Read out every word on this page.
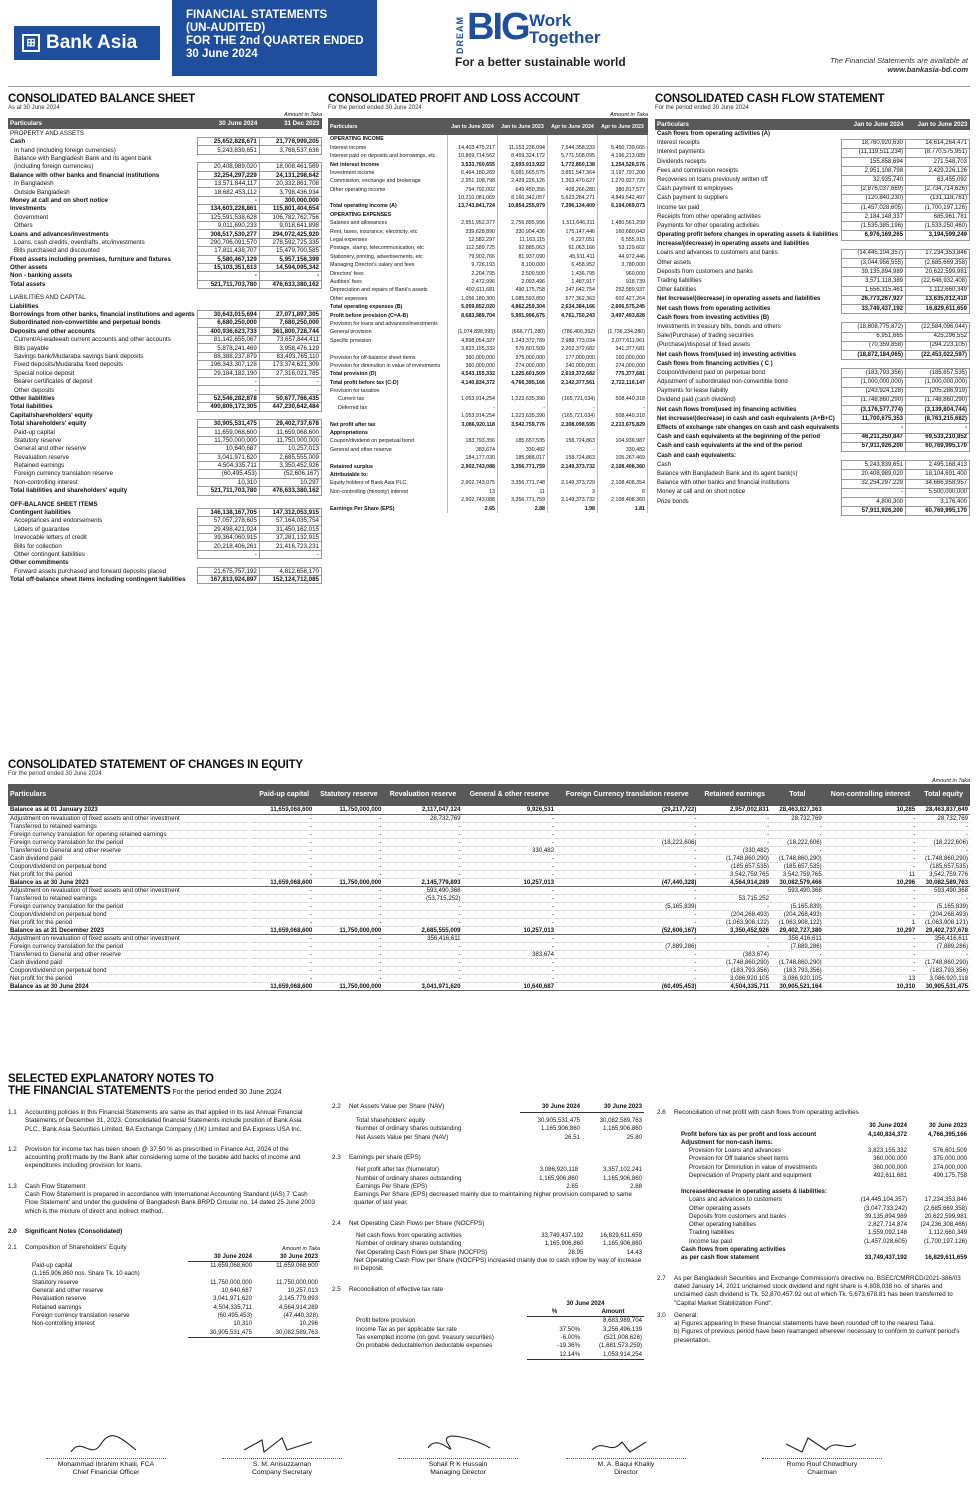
⊞ Bank Asia
FINANCIAL STATEMENTS
(UN-AUDITED)
FOR THE 2nd QUARTER ENDED
30 June 2024	DREAM BIG Work
Together
For a better sustainable world	The Financial Statements are available at
www.bankasia-bd.com
CONSOLIDATED BALANCE SHEET
As at 30 June 2024
Amount in Taka
Particulars	30 June 2024	31 Dec 2023
PROPERTY AND ASSETS		
Cash	25,652,828,671	21,776,999,205
In hand (including foreign currencies)	5,243,839,651	3,768,537,636
Balance with Bangladesh Bank and its agent bank		
(including foreign currencies)	20,408,989,020	18,008,461,569
Balance with other banks and financial institutions	32,254,297,229	24,131,298,642
In Bangladesh	13,571,844,117	20,332,861,708
Outside Bangladesh	18,682,453,112	3,798,436,934
Money at call and on short notice	-	300,000,000
Investments	134,603,228,861	115,801,404,654
Government	125,591,538,628	106,782,762,756
Others	9,011,690,233	9,018,641,898
Loans and advances/investments	308,517,530,277	294,072,425,920
Loans, cash credits, overdrafts, etc/investments	290,706,091,570	278,592,725,335
Bills purchased and discounted	17,811,438,707	15,479,700,585
Fixed assets including premises, furniture and fixtures	5,580,467,129	5,957,156,399
Other assets	15,103,351,613	14,594,095,342
Non - banking assets	-	-
Total assets	521,711,703,780	476,633,380,162

LIABILITIES AND CAPITAL		
Liabilities		
Borrowings from other banks, financial institutions and agents	30,643,015,694	27,071,897,305
Subordinated non-convertible and perpetual bonds	6,680,250,000	7,680,250,000
Deposits and other accounts	400,936,623,733	361,800,728,744
Current/Al-wadeeah current accounts and other accounts	81,142,655,067	73,657,844,411
Bills payable	5,878,241,469	3,958,476,129
Savings bank/Mudaraba savings bank deposits	88,388,237,879	83,493,765,110
Fixed deposits/Mudaraba fixed deposits	196,343,307,128	173,374,621,309
Special notice deposit	29,184,182,190	27,316,021,785
Bearer certificates of deposit	-	-
Other deposits	-	-
Other liabilities	52,546,282,878	50,677,766,435
Total liabilities	490,806,172,305	447,230,642,484
Capital/shareholders' equity		
Total shareholders' equity	30,905,531,475	29,402,737,678
Paid-up capital	11,659,068,600	11,659,068,600
Statutory reserve	11,750,000,000	11,750,000,000
General and other reserve	10,640,687	10,257,013
Revaluation reserve	3,041,971,620	2,685,555,009
Retained earnings	4,504,335,711	3,350,452,926
Foreign currency translation reserve	(60,495,453)	(52,606,167)
Non-controlling interest	10,310	10,297
Total liabilities and shareholders' equity	521,711,703,780	476,633,380,162

OFF-BALANCE SHEET ITEMS		
Contingent liabilities	146,138,167,705	147,312,053,915
Acceptances and endorsements	57,057,278,605	57,164,035,754
Letters of guarantee	29,498,421,924	31,450,162,015
Irrevocable letters of credit	39,364,060,915	37,281,132,915
Bills for collection	20,218,406,261	21,416,723,231
Other contingent liabilities	-	-
Other commitments		
Forward assets purchased and forward deposits placed	21,675,757,192	4,812,658,170
Total off-balance sheet items including contingent liabilities	167,813,924,897	152,124,712,085
CONSOLIDATED PROFIT AND LOSS ACCOUNT
For the period ended 30 June 2024
Amount in Taka
Particulars	Jan to June 2024	Jan to June 2023	Apr to June 2024	Apr to June 2023
OPERATING INCOME				
Interest income	14,403,475,217	11,153,238,094	7,544,358,233	5,450,739,665
Interest paid on deposits and borrowings, etc	10,869,714,562	8,459,324,172	5,771,508,095	4,196,213,089
Net interest income	3,533,760,655	2,693,913,922	1,772,850,138	1,254,526,576
Investment income	6,464,180,269	5,081,665,575	3,851,547,364	3,197,797,200
Commission, exchange and brokerage	2,951,108,798	2,429,226,126	1,363,470,627	1,270,927,720
Other operating income	794,792,002	649,450,356	408,266,280	380,817,577
	10,210,081,069	8,160,342,057	5,623,284,271	4,849,542,497
Total operating income (A)	13,743,841,724	10,854,255,979	7,396,134,409	6,104,069,073
OPERATING EXPENSES				
Salaries and allowances	2,951,952,377	2,756,895,996	1,511,646,311	1,480,561,299
Rent, taxes, insurance, electricity, etc	339,628,890	330,904,436	175,147,446	160,680,043
Legal expenses	12,582,297	11,163,115	6,227,051	6,555,915
Postage, stamp, telecommunication, etc	112,589,725	92,885,063	61,063,166	53,129,602
Stationery, printing, advertisements, etc	79,902,766	81,937,090	45,911,411	44,972,446
Managing Director's salary and fees	9,726,193	8,100,000	6,458,952	3,780,000
Directors' fees	2,204,795	2,500,500	1,436,795	960,000
Auditors' fees	2,472,996	2,093,496	1,487,917	918,739
Depreciation and repairs of Bank's assets	492,611,681	490,175,758	247,642,754	252,589,937
Other expenses	1,056,180,300	1,085,593,850	577,362,363	602,427,264
Total operating expenses (B)	5,059,852,020	4,862,259,304	2,634,384,166	2,606,575,245
Profit before provision (C=A-B)	8,683,989,704	5,991,996,675	4,761,750,243	3,497,493,828
Provision for loans and advances/investments				
General provision	(1,074,898,995)	(666,771,280)	(786,400,352)	(1,736,234,280)
Specific provision	4,898,054,327	1,243,372,789	2,988,773,034	2,077,611,961
	3,823,155,332	576,601,509	2,202,372,682	341,377,681
Provision for off-balance sheet items	360,000,000	375,000,000	177,000,000	160,000,000
Provision for diminution in value of investments	360,000,000	274,000,000	240,000,000	274,000,000
Total provision (D)	4,543,155,332	1,225,601,509	2,619,372,682	775,377,681
Total profit before tax (C-D)	4,140,834,372	4,766,395,166	2,142,377,561	2,722,116,147
Provision for taxation				
Current tax	1,053,914,254	1,223,635,390	(165,721,034)	508,440,318
Deferred tax	-	-	-	-
	1,053,914,254	1,223,635,390	(165,721,034)	508,440,318
Net profit after tax	3,086,920,118	3,542,759,776	2,308,098,595	2,213,675,829
Appropriations				
Coupon/dividend on perpetual bond	183,793,356	185,657,535	158,724,863	104,936,987
General and other reserve	383,674	330,482	-	330,482
	184,177,030	185,988,017	158,724,863	105,267,469
Retained surplus	2,902,743,088	3,356,771,759	2,149,373,732	2,108,408,360
Attributable to:				
Equity holders of Bank Asia PLC.	2,902,743,075	3,356,771,748	2,149,373,729	2,108,408,354
Non-controlling (minority) interest	13	11	3	6
	2,902,743,088	3,356,771,759	2,149,373,732	2,108,408,360
Earnings Per Share (EPS)	2.65	2.88	1.98	1.81
CONSOLIDATED CASH FLOW STATEMENT
For the period ended 30 June 2024
Particulars	Jan to June 2024	Jan to June 2023
Cash flows from operating activities (A)		
Interest receipts	18,760,920,630	14,614,264,471
Interest payments	(11,119,511,234)	(8,770,575,951)
Dividends receipts	155,858,694	271,548,703
Fees and commission receipts	2,951,108,798	2,429,226,126
Recoveries on loans previously written off	32,935,740	63,455,092
Cash payment to employees	(2,876,037,669)	(2,734,714,626)
Cash payment to suppliers	(120,840,230)	(131,118,761)
Income tax paid	(1,457,028,605)	(1,700,197,126)
Receipts from other operating activities	2,184,148,337	685,961,781
Payments for other operating activities	(1,535,385,196)	(1,533,250,460)
Operating profit before changes in operating assets & liabilities	6,976,169,265	3,194,599,249
Increase/(decrease) in operating assets and liabilities		
Loans and advances to customers and banks	(14,445,104,357)	17,234,353,846
Other assets	(3,044,956,555)	(2,685,669,358)
Deposits from customers and banks	39,135,894,989	20,622,599,981
Trading liabilities	3,571,118,389	(22,648,932,408)
Other liabilities	1,556,315,461	1,112,660,349
Net Increase/(decrease) in operating assets and liabilities	26,773,267,927	13,635,012,410
Net cash flows from operating activities	33,749,437,192	16,829,611,659
Cash flows from investing activities (B)		
Investments in treasury bills, bonds and others	(18,808,775,872)	(22,584,096,044)
Sale/(Purchase) of trading securities	6,951,665	425,296,552
(Purchase)/disposal of fixed assets	(70,359,858)	(294,223,105)
Net cash flows from/(used in) investing activities	(18,872,184,065)	(22,453,022,597)
Cash flows from financing activities ( C )		
Coupon/dividend paid on perpetual bond	(183,793,356)	(185,657,535)
Adjustment of subordinated non-convertible bond	(1,000,000,000)	(1,000,000,000)
Payments for lease liability	(243,924,128)	(205,286,919)
Dividend paid (cash dividend)	(1,748,860,290)	(1,748,860,290)
Net cash flows from/(used in) financing activities	(3,176,577,774)	(3,139,804,744)
Net increase/(decrease) in cash and cash equivalents (A+B+C)	11,700,675,353	(8,763,215,682)
Effects of exchange rate changes on cash and cash equivalents	-	-
Cash and cash equivalents at the beginning of the period	46,211,250,847	69,533,210,852
Cash and cash equivalents at the end of the period	57,911,926,200	60,769,995,170
Cash and cash equivalents:		
Cash	5,243,839,651	2,495,168,413
Balance with Bangladesh Bank and its agent bank(s)	20,408,989,020	18,104,691,400
Balance with other banks and financial institutions	32,254,297,229	34,666,958,957
Money at call and on short notice	-	5,500,000,000
Prize bonds	4,800,300	3,176,400
	57,911,926,200	60,769,995,170
CONSOLIDATED STATEMENT OF CHANGES IN EQUITY
For the period ended 30 June 2024
Amount in Taka
Particulars	Paid-up capital	Statutory reserve	Revaluation reserve	General & other reserve	Foreign Currency translation reserve	Retained earnings	Total	Non-controlling interest	Total equity
Balance as at 01 January 2023	11,659,068,600	11,750,000,000	2,117,047,124	9,926,531	(29,217,722)	2,957,002,831	28,463,827,363	10,285	28,463,837,649
Adjustment on revaluation of fixed assets and other investment	-	-	28,732,769	-	-	-	28,732,769	-	28,732,769
Transferred to retained earnings	-	-	-	-	-	-	-	-	-
Foreign currency translation for opening retained earnings	-	-	-	-	-	-	-	-	-
Foreign currency translation for the period	-	-	-	-	(18,222,606)	-	(18,222,606)	-	(18,222,606)
Transferred to General and other reserve	-	-	-	330,482	-	(330,482)	-	-	-
Cash dividend paid	-	-	-	-	-	(1,748,860,290)	(1,748,860,290)	-	(1,748,860,290)
Coupon/dividend on perpetual bond	-	-	-	-	-	(185,657,535)	(185,657,535)	-	(185,657,535)
Net profit for the period	-	-	-	-	-	3,542,759,765	3,542,759,765	11	3,542,759,776
Balance as at 30 June 2023	11,659,068,600	11,750,000,000	2,145,779,893	10,257,013	(47,440,328)	4,564,914,289	30,082,579,466	10,296	30,082,589,763
Adjustment on revaluation of fixed assets and other investment	-	-	593,490,368	-	-	-	593,490,368	-	593,490,368
Transferred to retained earnings	-	-	(53,715,252)	-	-	53,715,252	-	-	-
Foreign currency translation for the period	-	-	-	-	(5,165,839)	-	(5,165,839)	-	(5,165,839)
Coupon/dividend on perpetual bond	-	-	-	-	-	(204,268,493)	(204,268,493)	-	(204,268,493)
Net profit for the period	-	-	-	-	-	(1,063,908,122)	(1,063,908,122)	1	(1,063,908,121)
Balance as at 31 December 2023	11,659,068,600	11,750,000,000	2,685,555,009	10,257,013	(52,606,167)	3,350,452,926	29,402,727,380	10,297	29,402,737,678
Adjustment on revaluation of fixed assets and other investment	-	-	356,416,611	-	-	-	356,416,611	-	356,416,611
Foreign currency translation for the period	-	-	-	-	(7,889,286)	-	(7,889,286)	-	(7,889,286)
Transferred to General and other reserve	-	-	-	383,674	-	(383,674)	-	-	-
Cash dividend paid	-	-	-	-	-	(1,748,860,290)	(1,748,860,290)	-	(1,748,860,290)
Coupon/dividend on perpetual bond	-	-	-	-	-	(183,793,356)	(183,793,356)	-	(183,793,356)
Net profit for the period	-	-	-	-	-	3,086,920,105	3,086,920,105	13	3,086,920,118
Balance as at 30 June 2024	11,659,068,600	11,750,000,000	3,041,971,620	10,640,687	(60,495,453)	4,504,335,711	30,905,521,164	10,310	30,905,531,475
SELECTED EXPLANATORY NOTES TO
THE FINANCIAL STATEMENTS For the period ended 30 June 2024
1.1	Accounting policies in this Financial Statements are same as that applied in its last Annual Financial Statements of December 31, 2023. Consolidated financial Statements include position of Bank Asia PLC., Bank Asia Securities Limited, BA Exchange Company (UK) Limited and BA Express USA Inc.
1.2	Provision for income tax has been shown @ 37.50 % as prescribed in Finance Act, 2024 of the accounting profit made by the Bank after considering some of the taxable add backs of income and expenditures including provision for loans.
1.3	Cash Flow Statement
Cash Flow Statement is prepared in accordance with International Accounting Standard (IAS) 7 'Cash Flow Statement' and under the guideline of Bangladesh Bank BRPD Circular no. 14 dated 25 June 2003 which is the mixture of direct and indirect method.
2.0	Significant Notes (Consolidated)
2.1	Composition of Shareholders' Equity	Amount in Taka
	30 June 2024	30 June 2023
Paid-up capital	11,659,068,600	11,659,068,600
(1,165,906,860 nos. Share Tk. 10 each)		
Statutory reserve	11,750,000,000	11,750,000,000
General and other reserve	10,640,687	10,257,013
Revaluation reserve	3,041,971,620	2,145,779,893
Retained earnings	4,504,335,711	4,564,914,289
Foreign currency translation reserve	(60,495,453)	(47,440,328)
Non-controlling interest	10,310	10,296
	30,905,531,475	30,082,589,763
2.2	Net Assets Value per Share (NAV)
		30 June 2024	30 June 2023

Total shareholders' equity	30,905,531,475	30,082,589,763
Number of ordinary shares outstanding	1,165,906,860	1,165,906,860
Net Assets Value per Share (NAV)	26.51	25.80
2.3	Earnings per share (EPS)
Net profit after tax (Numerator)	3,086,920,118	3,357,102,241
Number of ordinary shares outstanding	1,165,906,860	1,165,906,860
Earnings Per Share (EPS)	2.65	2.88
Earnings Per Share (EPS) decreased mainly due to maintaining higher provision compared to same quarter of last year.
2.4	Net Operating Cash Flows per Share (NOCFPS)
Net cash flows from operating activities	33,749,437,192	16,829,611,659
Number of ordinary shares outstanding	1,165,906,860	1,165,906,860
Net Operating Cash Flows per Share (NOCFPS)	28.95	14.43
Net Operating Cash Flow per Share (NOCFPS) increased mainly due to cash inflow by way of increase in Deposit.
2.5	Reconciliation of effective tax rate
	30 June 2024	
	%	Amount
Profit before provision		8,683,989,704
Income Tax as per applicable tax rate	37.50%	3,256,496,139
Tax exempted income (on govt. treasury securities)	-6.00%	(521,008,626)
On probable deductable/non deductable expenses	-19.36%	(1,681,573,259)
	12.14%	1,053,914,254
2.6	Reconciliation of net profit with cash flows from operating activities
	30 June 2024	30 June 2023
Profit before tax as per profit and loss account	4,140,834,372	4,766,395,166
Adjustment for non-cash items:		
Provision for Loans and advances	3,823,155,332	576,601,509
Provision for Off balance sheet items	360,000,000	375,000,000
Provision for Diminution in value of investments	360,000,000	274,000,000
Depreciation of Property plant and equipment	492,611,681	490,175,758

Increase/decrease in operating assets & liabilities:		
Loans and advances to customers	(14,445,104,357)	17,234,353,846
Other operating assets	(3,047,733,242)	(2,685,669,358)
Deposits from customers and banks	39,135,894,989	20,622,599,981
Other operating liabilities	2,827,714,874	(24,236,308,466)
Trading liabilities	1,559,092,148	1,112,660,349
Income tax paid	(1,457,028,605)	(1,700,197,126)
Cash flows from operating activities		
as per cash flow statement	33,749,437,192	16,829,611,659
2.7	As per Bangladesh Securities and Exchange Commission's directive no. BSEC/CMRRCD/2021-386/03 dated January 14, 2021 unclaimed stock dividend and right share is 4,808,038 no. of shares and unclaimed cash dividend is Tk. 52,870,457.92 out of which Tk. 5,673,678.81 has been transferred to "Capital Market Stabilization Fund".
3.0	General:
a) Figures appearing in these financial statements have been rounded off to the nearest Taka.
b) Figures of previous period have been rearranged wherever necessary to conform to current period's presentation.
Mohammad Ibrahim Khalil, FCA
Chief Financial Officer
S. M. Anisuzzaman
Company Secretary
Sohail R K Hussain
Managing Director
M. A. Baqui Khalily
Director
Romo Rouf Chowdhury
Chairman
